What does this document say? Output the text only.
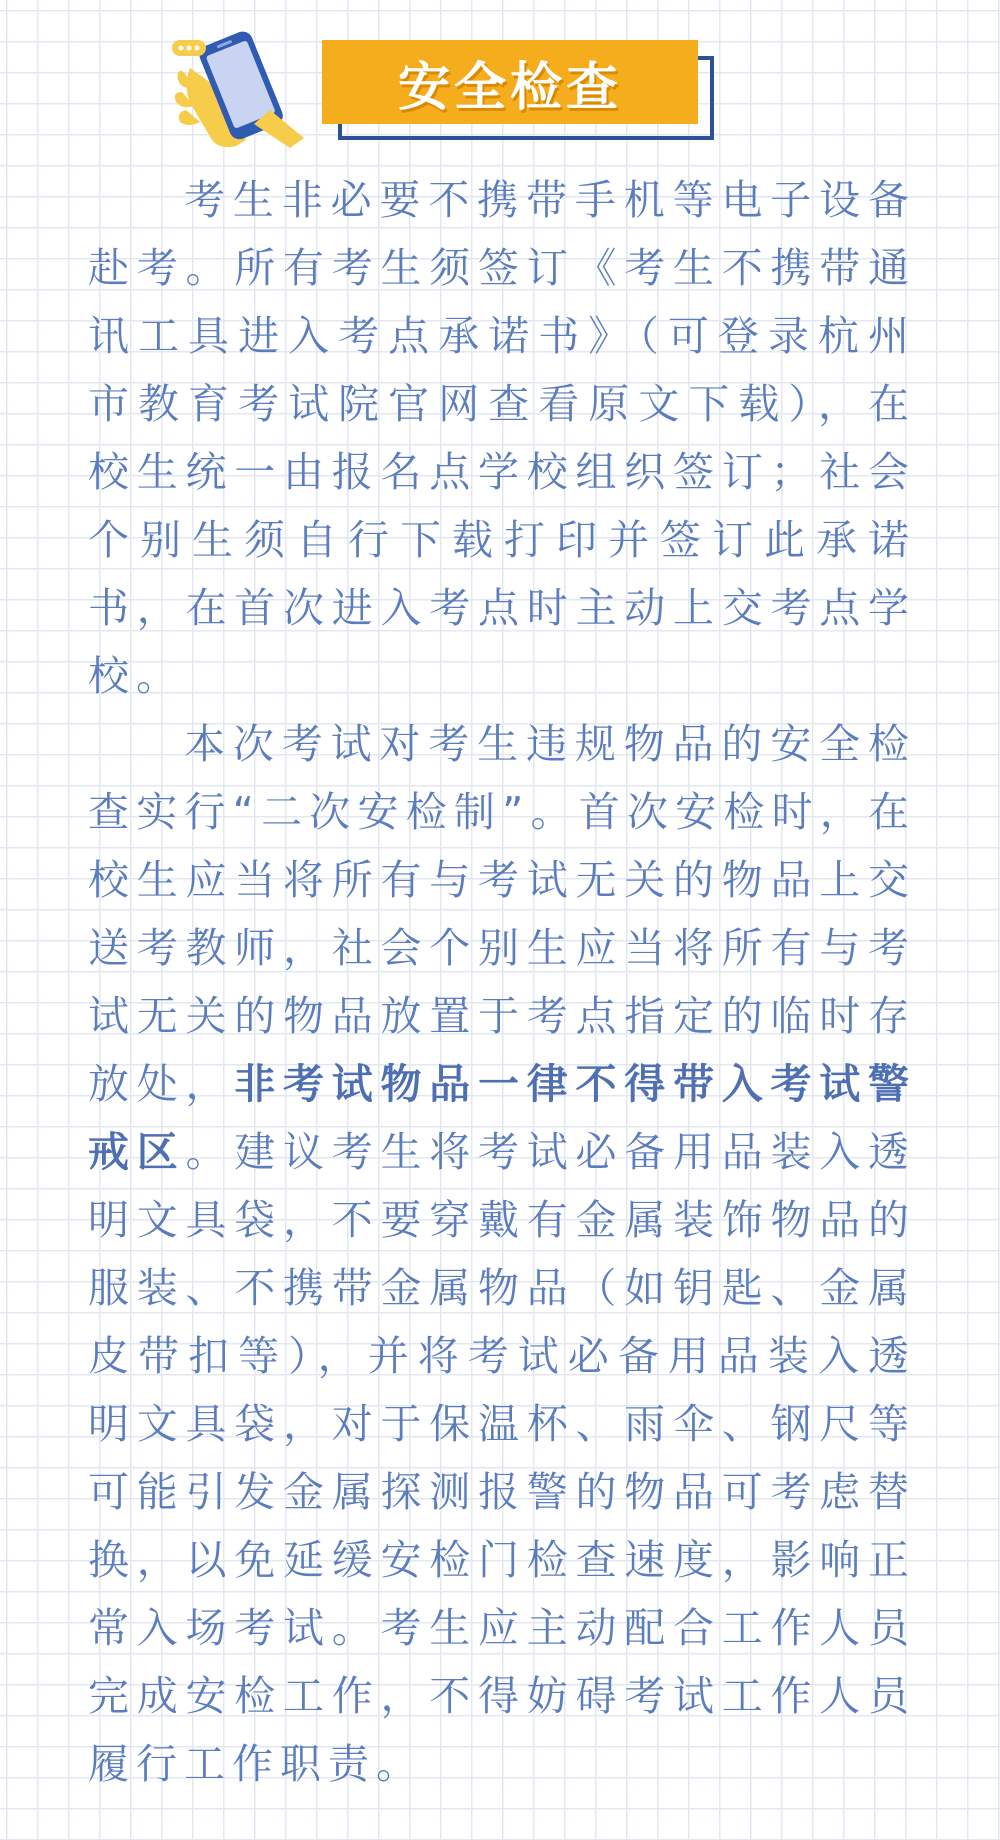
安全检查

考生非必要不携带手机等电子设备赴考。所有考生须签订《考生不携带通讯工具进入考点承诺书》（可登录杭州市教育考试院官网查看原文下载），在校生统一由报名点学校组织签订；社会个别生须自行下载打印并签订此承诺书，在首次进入考点时主动上交考点学校。

本次考试对考生违规物品的安全检查实行“二次安检制”。首次安检时，在校生应当将所有与考试无关的物品上交送考教师，社会个别生应当将所有与考试无关的物品放置于考点指定的临时存放处，非考试物品一律不得带入考试警戒区。建议考生将考试必备用品装入透明文具袋，不要穿戴有金属装饰物品的服装、不携带金属物品（如钥匙、金属皮带扣等），并将考试必备用品装入透明文具袋，对于保温杯、雨伞、钢尺等可能引发金属探测报警的物品可考虑替换，以免延缓安检门检查速度，影响正常入场考试。考生应主动配合工作人员完成安检工作，不得妨碍考试工作人员履行工作职责。
